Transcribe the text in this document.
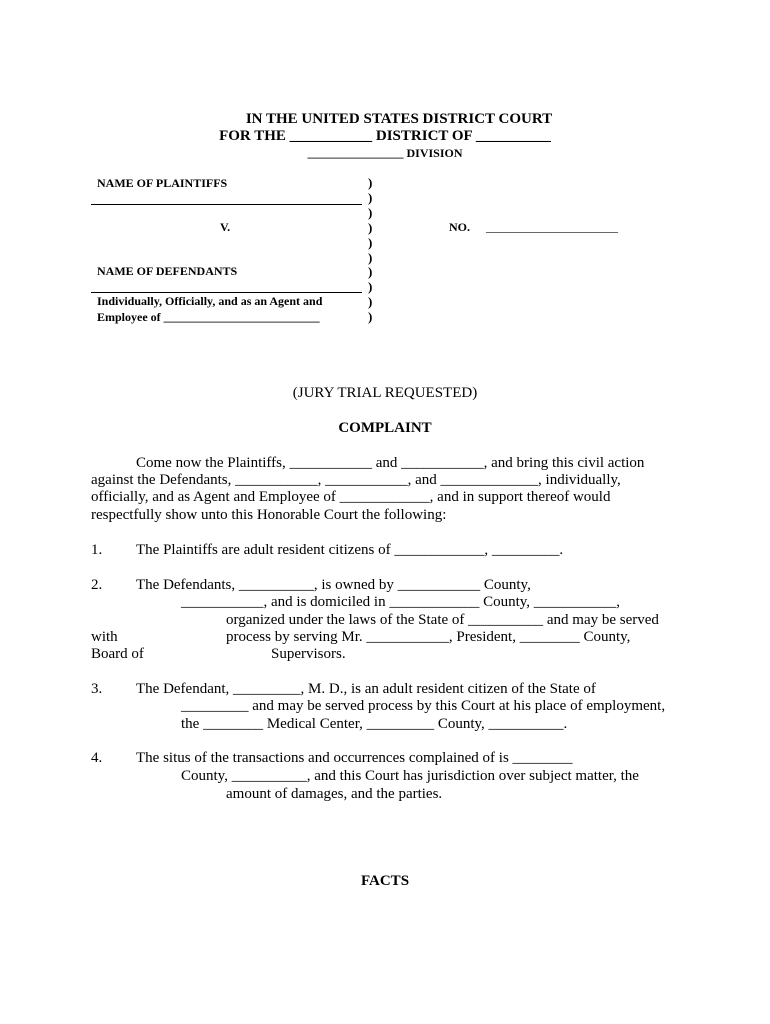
IN THE UNITED STATES DISTRICT COURT
FOR THE ___________ DISTRICT OF __________
________________ DIVISION
NAME OF PLAINTIFFS
V.
NAME OF DEFENDANTS
Individually, Officially, and as an Agent and
Employee of __________________________
)
)
)
)
)
)
)
)
)
)
NO. ______________________
(JURY TRIAL REQUESTED)
COMPLAINT
Come now the Plaintiffs, ___________ and ___________, and bring this civil action
against the Defendants, ___________, ___________, and _____________, individually,
officially, and as Agent and Employee of ____________, and in support thereof would
respectfully show unto this Honorable Court the following:
1. The Plaintiffs are adult resident citizens of ____________, _________.
2. The Defendants, __________, is owned by ___________ County,
___________, and is domiciled in ____________ County, ___________,
organized under the laws of the State of __________ and may be served
with	process by serving Mr. ___________, President, ________ County,
Board of	Supervisors.
3. The Defendant, _________, M. D., is an adult resident citizen of the State of
_________ and may be served process by this Court at his place of employment,
the ________ Medical Center, _________ County, __________.
4. The situs of the transactions and occurrences complained of is ________
County, __________, and this Court has jurisdiction over subject matter, the
amount of damages, and the parties.
FACTS
